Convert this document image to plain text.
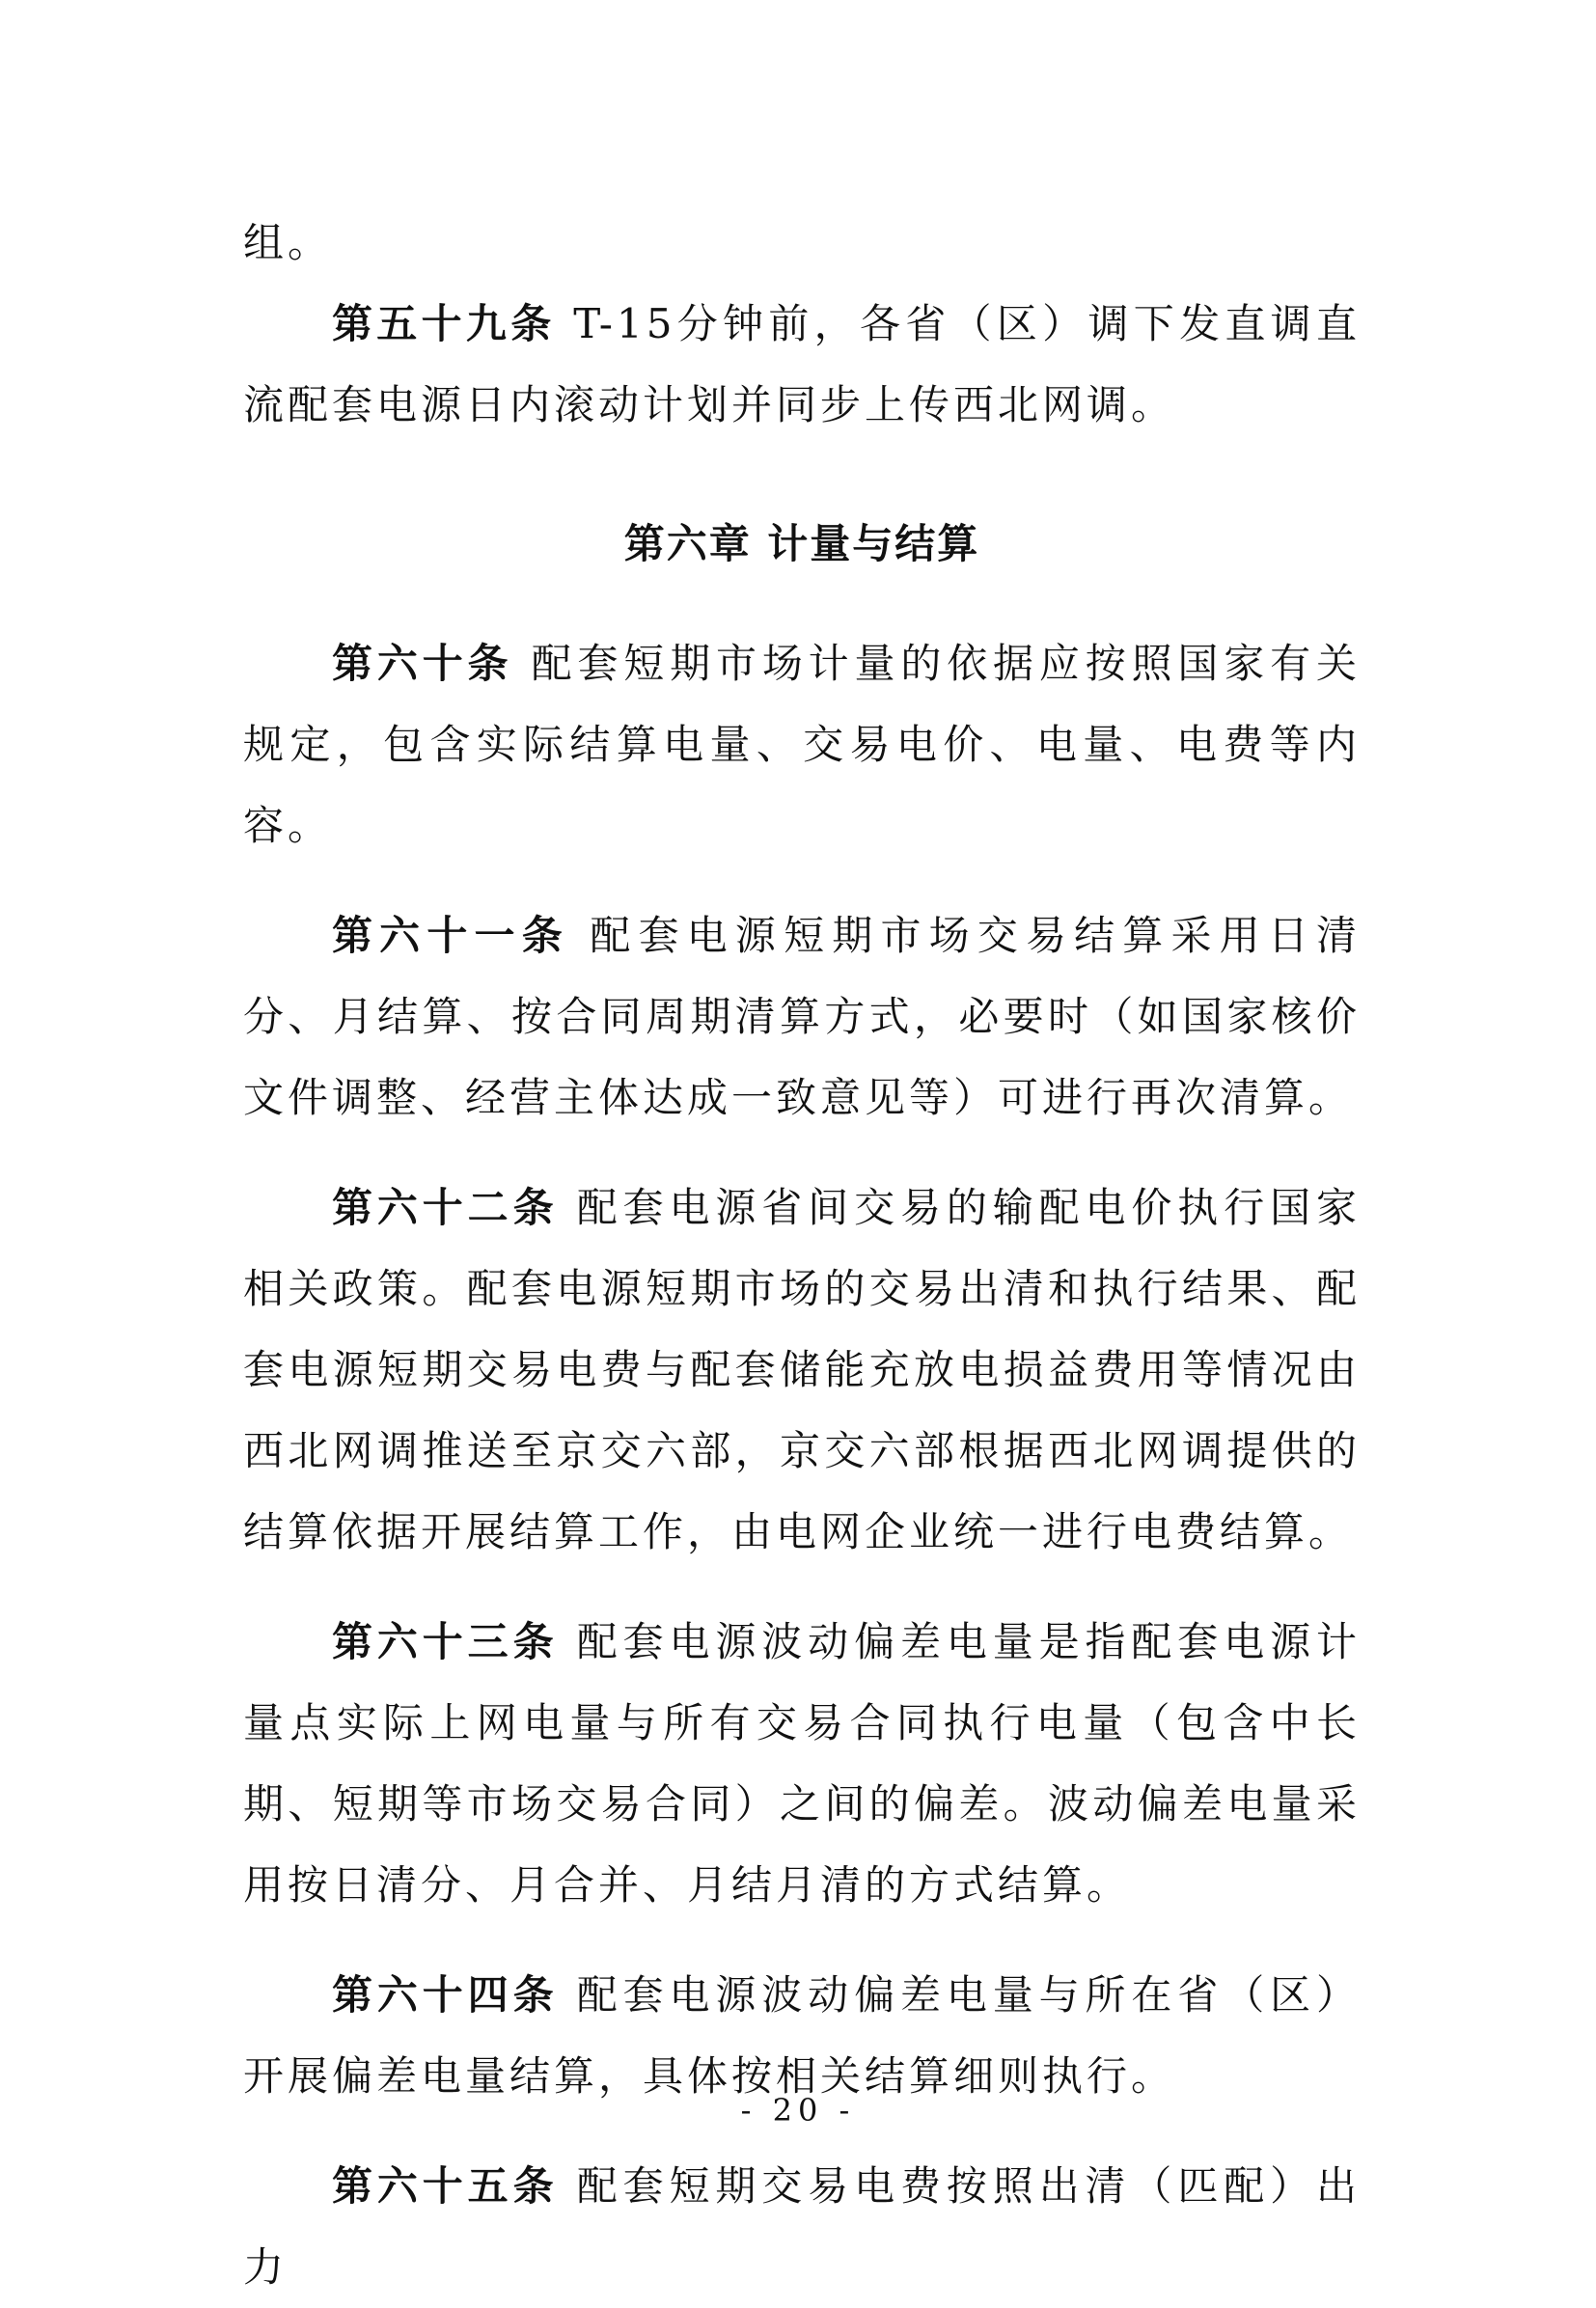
组。

第五十九条 T-15分钟前，各省（区）调下发直调直流配套电源日内滚动计划并同步上传西北网调。

第六章 计量与结算

第六十条 配套短期市场计量的依据应按照国家有关规定，包含实际结算电量、交易电价、电量、电费等内容。

第六十一条 配套电源短期市场交易结算采用日清分、月结算、按合同周期清算方式，必要时（如国家核价文件调整、经营主体达成一致意见等）可进行再次清算。

第六十二条 配套电源省间交易的输配电价执行国家相关政策。配套电源短期市场的交易出清和执行结果、配套电源短期交易电费与配套储能充放电损益费用等情况由西北网调推送至京交六部，京交六部根据西北网调提供的结算依据开展结算工作，由电网企业统一进行电费结算。

第六十三条 配套电源波动偏差电量是指配套电源计量点实际上网电量与所有交易合同执行电量（包含中长期、短期等市场交易合同）之间的偏差。波动偏差电量采用按日清分、月合并、月结月清的方式结算。

第六十四条 配套电源波动偏差电量与所在省（区）开展偏差电量结算，具体按相关结算细则执行。

第六十五条 配套短期交易电费按照出清（匹配）出力

- 20 -
